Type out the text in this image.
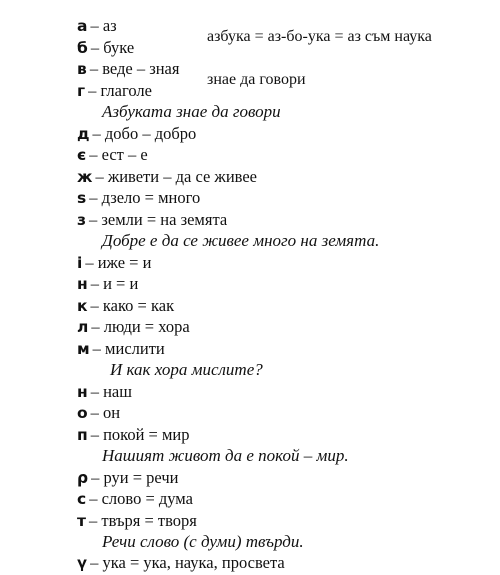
азбука = аз-бо-ука = аз съм наука
знае да говори
а – аз
б – буке
в – веде – зная
г – глаголе
Азбуката знае да говори
д – добо – добро
є – ест – е
ж – живети – да се живее
ѕ – дзело = много
з – земли = на земята
Добре е да се живее много на земята.
і – иже = и
н – и = и
к – како = как
л – люди = хора
м – мислити
И как хора мислите?
н – наш
о – он
п – покой = мир
Нашият живот да е покой – мир.
ρ – руи = речи
с – слово = дума
т – твъря = творя
Речи слово (с думи) твърди.
ү – ука = ука, наука, просвета
